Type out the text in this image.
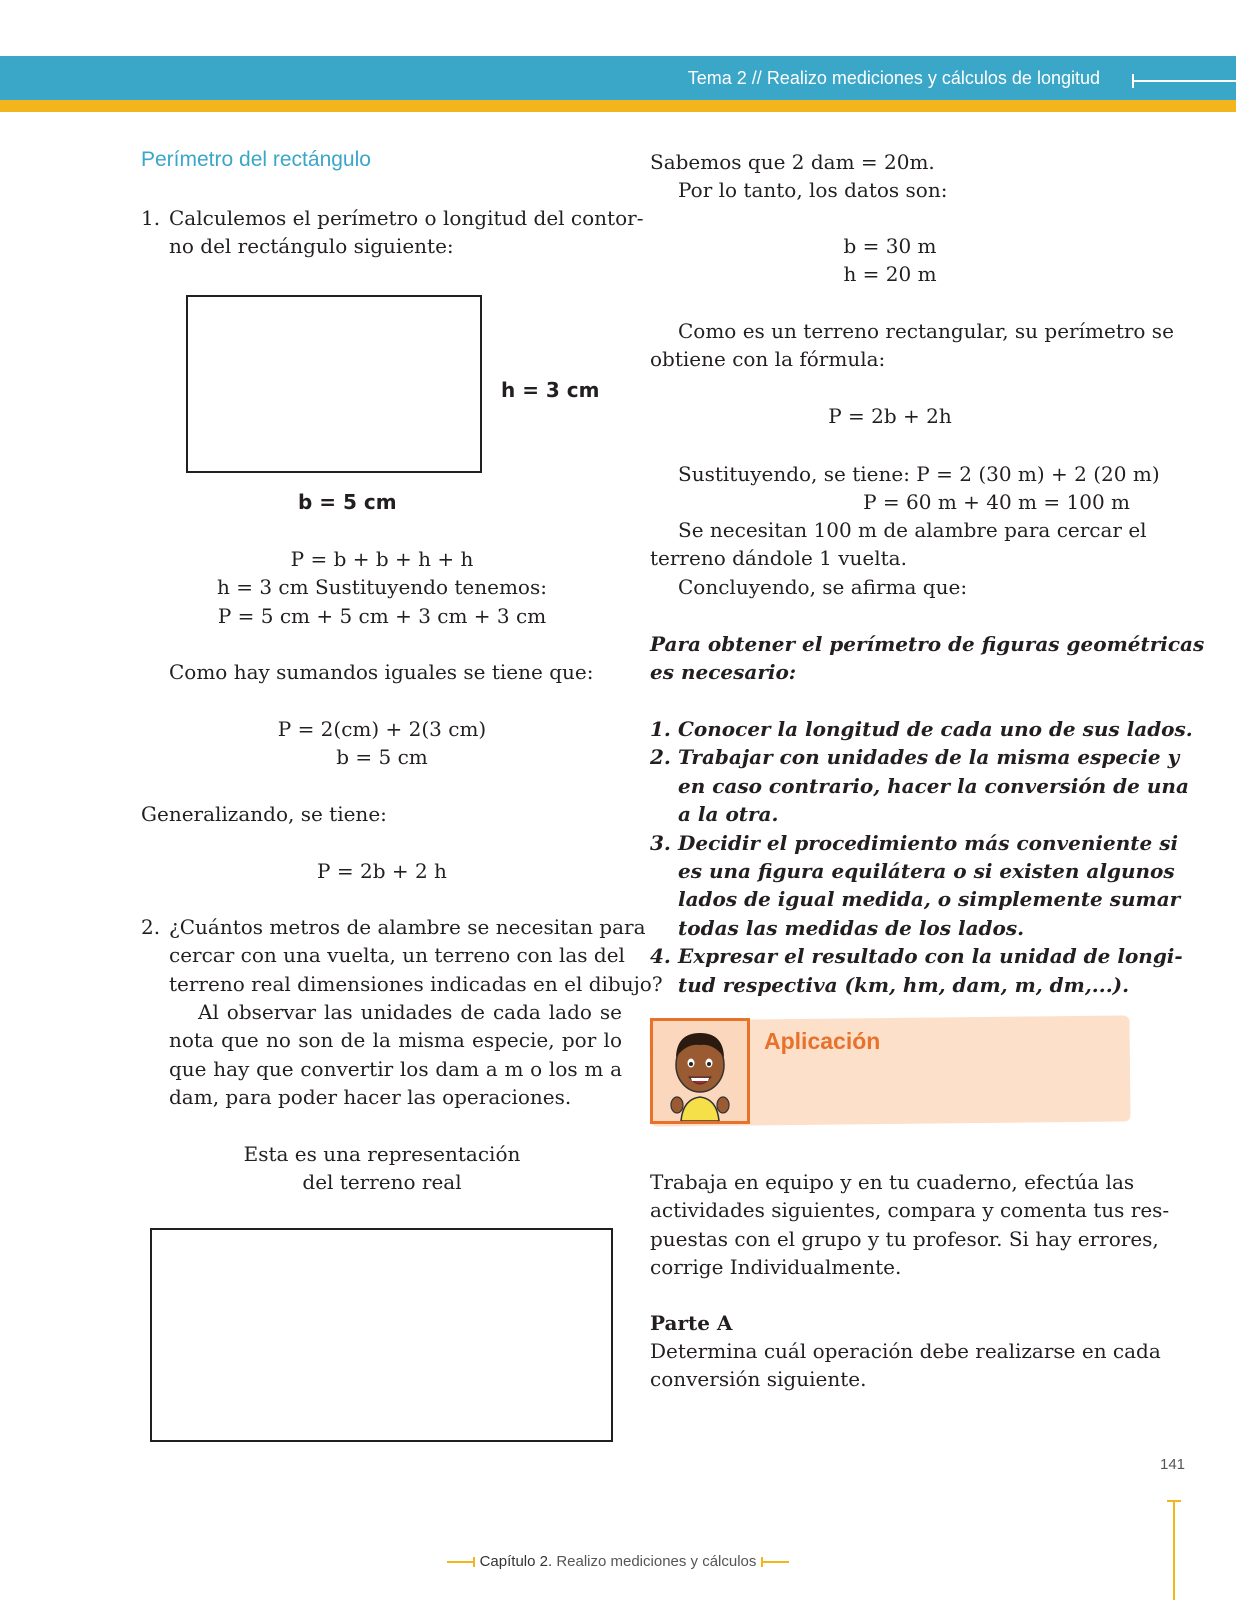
Tema 2 // Realizo mediciones y cálculos de longitud
Perímetro del rectángulo
1. Calculemos el perímetro o longitud del contor-
no del rectángulo siguiente:
h = 3 cm
b = 5 cm
P = b + b + h + h
h = 3 cm Sustituyendo tenemos:
P = 5 cm + 5 cm + 3 cm + 3 cm
Como hay sumandos iguales se tiene que:
P = 2(cm) + 2(3 cm)
b = 5 cm
Generalizando, se tiene:
P = 2b + 2 h
2. ¿Cuántos metros de alambre se necesitan para
cercar con una vuelta, un terreno con las del
terreno real dimensiones indicadas en el dibujo?
Al observar las unidades de cada lado se
nota que no son de la misma especie, por lo
que hay que convertir los dam a m o los m a
dam, para poder hacer las operaciones.
Esta es una representación
del terreno real
Sabemos que 2 dam = 20m.
Por lo tanto, los datos son:
b = 30 m
h = 20 m
Como es un terreno rectangular, su perímetro se
obtiene con la fórmula:
P = 2b + 2h
Sustituyendo, se tiene: P = 2 (30 m) + 2 (20 m)
P = 60 m + 40 m = 100 m
Se necesitan 100 m de alambre para cercar el
terreno dándole 1 vuelta.
Concluyendo, se afirma que:
Para obtener el perímetro de figuras geométricas
es necesario:
1. Conocer la longitud de cada uno de sus lados.
2. Trabajar con unidades de la misma especie y
en caso contrario, hacer la conversión de una
a la otra.
3. Decidir el procedimiento más conveniente si
es una figura equilátera o si existen algunos
lados de igual medida, o simplemente sumar
todas las medidas de los lados.
4. Expresar el resultado con la unidad de longi-
tud respectiva (km, hm, dam, m, dm,...).
Aplicación
Trabaja en equipo y en tu cuaderno, efectúa las
actividades siguientes, compara y comenta tus res-
puestas con el grupo y tu profesor. Si hay errores,
corrige Individualmente.
Parte A
Determina cuál operación debe realizarse en cada
conversión siguiente.
141
Capítulo 2. Realizo mediciones y cálculos
